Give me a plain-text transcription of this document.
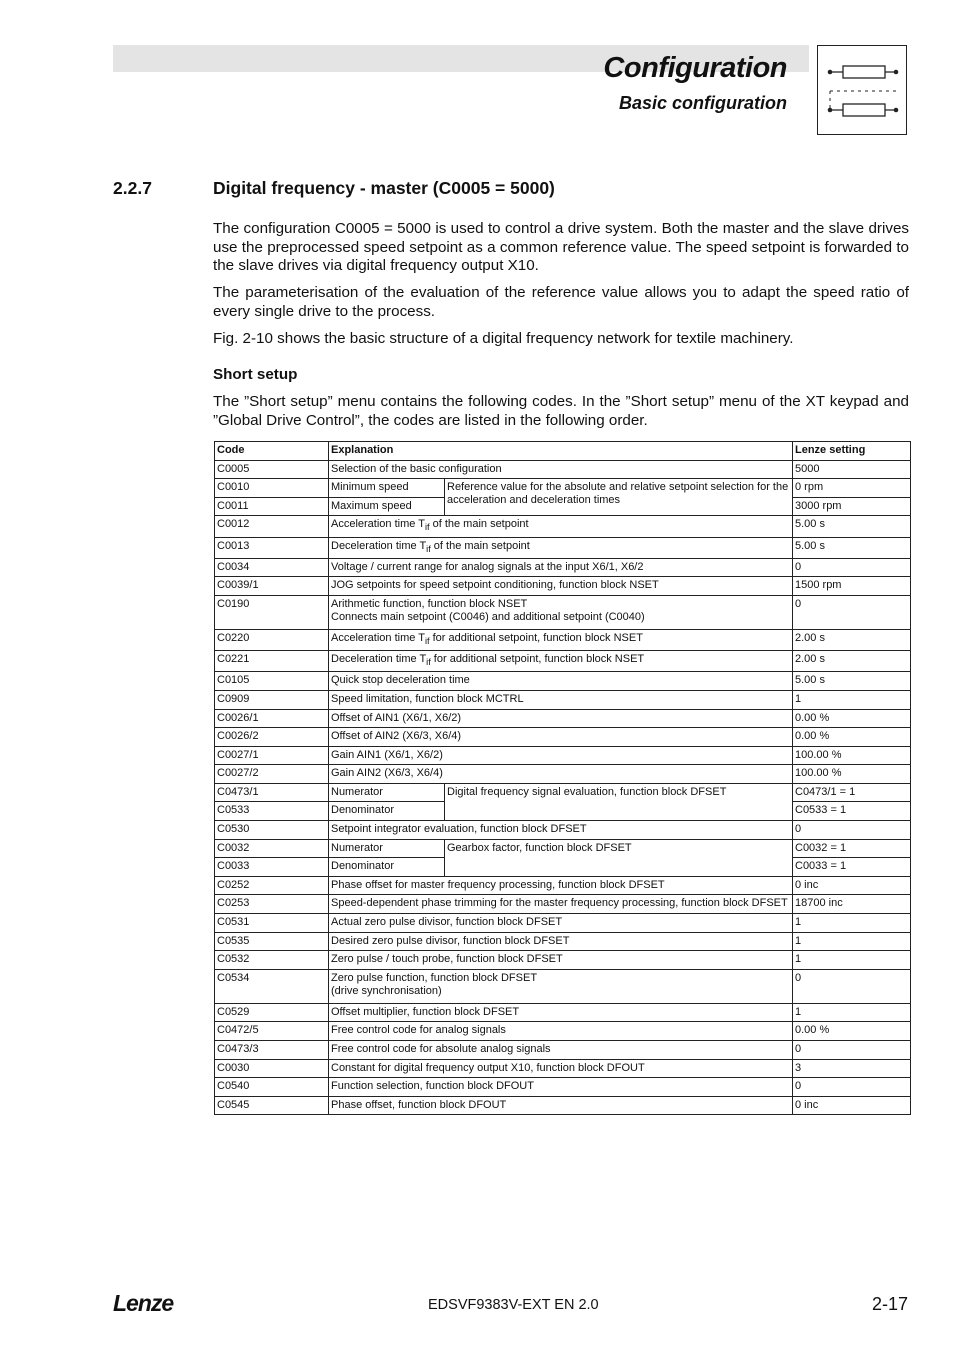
Configuration
Basic configuration
2.2.7	Digital frequency - master (C0005 = 5000)

The configuration C0005 = 5000 is used to control a drive system. Both the master and the slave drives use the preprocessed speed setpoint as a common reference value. The speed setpoint is forwarded to the slave drives via digital frequency output X10.

The parameterisation of the evaluation of the reference value allows you to adapt the speed ratio of every single drive to the process.

Fig. 2-10 shows the basic structure of a digital frequency network for textile machinery.

Short setup

The ”Short setup” menu contains the following codes. In the ”Short setup” menu of the XT keypad and ”Global Drive Control”, the codes are listed in the following order.

Code	Explanation		Lenze setting
C0005	Selection of the basic configuration		5000
C0010	Minimum speed	Reference value for the absolute and relative setpoint selection for the acceleration and deceleration times	0 rpm
C0011	Maximum speed		3000 rpm
C0012	Acceleration time $T_{if}$ of the main setpoint		5.00 s
C0013	Deceleration time $T_{if}$ of the main setpoint		5.00 s
C0034	Voltage / current range for analog signals at the input X6/1, X6/2		0
C0039/1	JOG setpoints for speed setpoint conditioning, function block NSET		1500 rpm
C0190	Arithmetic function, function block NSET
Connects main setpoint (C0046) and additional setpoint (C0040)		0
C0220	Acceleration time $T_{if}$ for additional setpoint, function block NSET		2.00 s
C0221	Deceleration time $T_{if}$ for additional setpoint, function block NSET		2.00 s
C0105	Quick stop deceleration time		5.00 s
C0909	Speed limitation, function block MCTRL		1
C0026/1	Offset of AIN1 (X6/1, X6/2)		0.00 %
C0026/2	Offset of AIN2 (X6/3, X6/4)		0.00 %
C0027/1	Gain AIN1 (X6/1, X6/2)		100.00 %
C0027/2	Gain AIN2 (X6/3, X6/4)		100.00 %
C0473/1	Numerator	Digital frequency signal evaluation, function block DFSET	C0473/1 = 1
C0533	Denominator		C0533 = 1
C0530	Setpoint integrator evaluation, function block DFSET		0
C0032	Numerator	Gearbox factor, function block DFSET	C0032 = 1
C0033	Denominator		C0033 = 1
C0252	Phase offset for master frequency processing, function block DFSET		0 inc
C0253	Speed-dependent phase trimming for the master frequency processing, function block DFSET		18700 inc
C0531	Actual zero pulse divisor, function block DFSET		1
C0535	Desired zero pulse divisor, function block DFSET		1
C0532	Zero pulse / touch probe, function block DFSET		1
C0534	Zero pulse function, function block DFSET
(drive synchronisation)		0
C0529	Offset multiplier, function block DFSET		1
C0472/5	Free control code for analog signals		0.00 %
C0473/3	Free control code for absolute analog signals		0
C0030	Constant for digital frequency output X10, function block DFOUT		3
C0540	Function selection, function block DFOUT		0
C0545	Phase offset, function block DFOUT		0 inc
Lenze	EDSVF9383V-EXT EN 2.0	2-17
